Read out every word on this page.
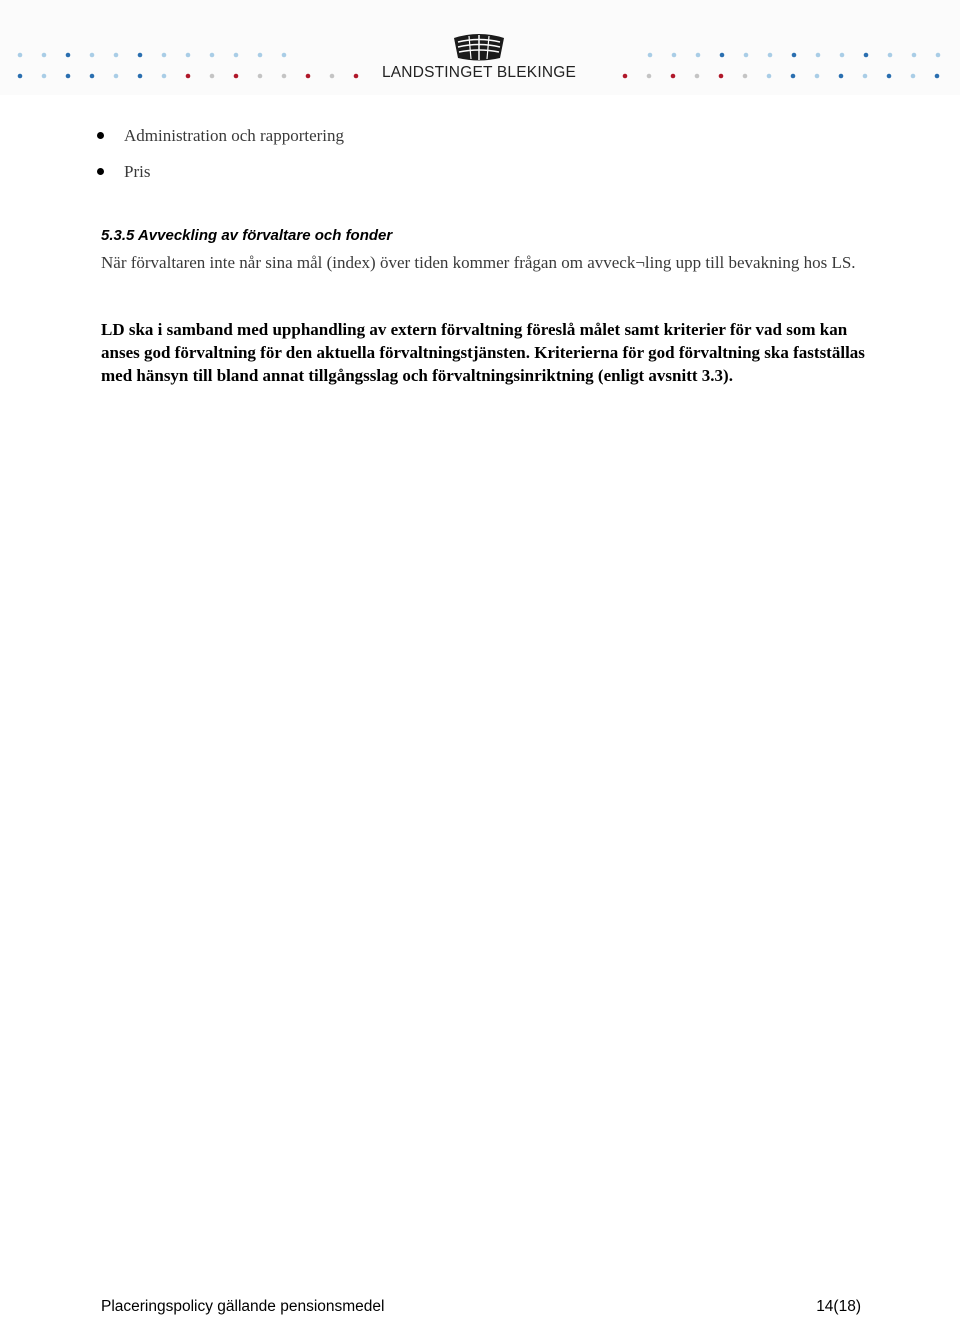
LANDSTINGET BLEKINGE
Administration och rapportering
Pris
5.3.5 Avveckling av förvaltare och fonder

När förvaltaren inte når sina mål (index) över tiden kommer frågan om avveck¬ling upp till bevakning hos LS.

LD ska i samband med upphandling av extern förvaltning föreslå målet samt kriterier för vad som kan anses god förvaltning för den aktuella förvaltningstjänsten. Kriterierna för god förvaltning ska fastställas med hänsyn till bland annat tillgångsslag och förvaltningsinriktning (enligt avsnitt 3.3).

Placeringspolicy gällande pensionsmedel	14(18)
